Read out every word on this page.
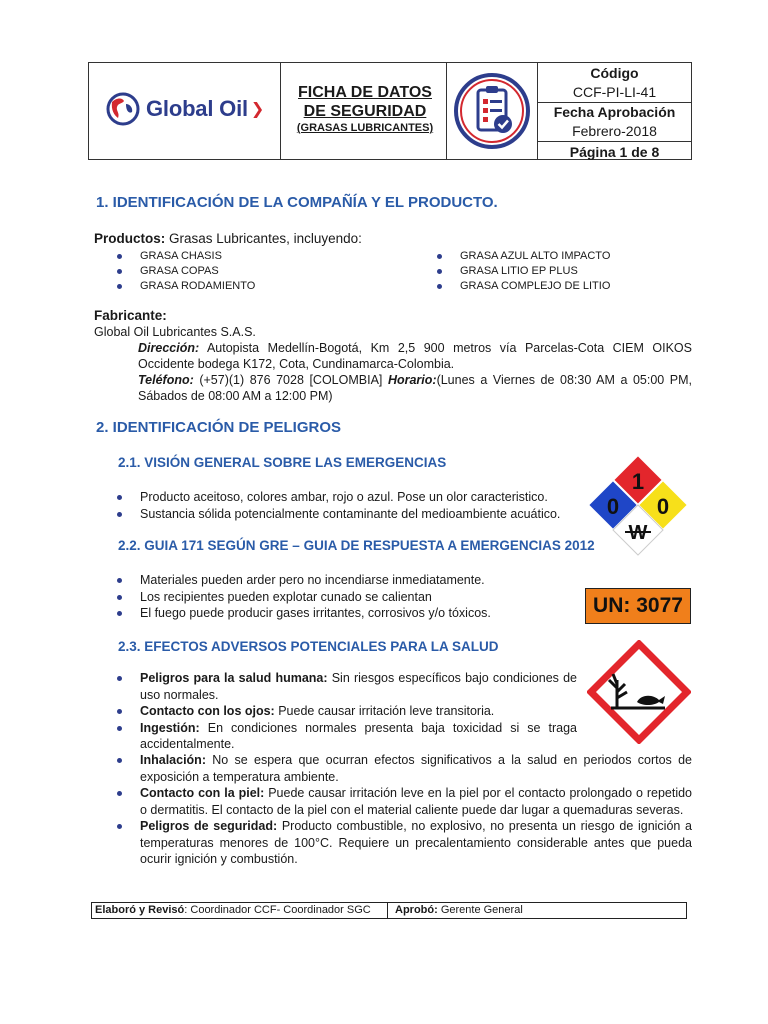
Global Oil ❯
FICHA DE DATOS
DE SEGURIDAD
(GRASAS LUBRICANTES)
Código
CCF-PI-LI-41
Fecha Aprobación
Febrero-2018
Página 1 de 8
1. IDENTIFICACIÓN DE LA COMPAÑÍA Y EL PRODUCTO.
Productos: Grasas Lubricantes, incluyendo:
GRASA CHASIS
GRASA COPAS
GRASA RODAMIENTO
GRASA AZUL ALTO IMPACTO
GRASA LITIO EP PLUS
GRASA COMPLEJO DE LITIO
Fabricante:
Global Oil Lubricantes S.A.S.
Dirección: Autopista Medellín-Bogotá, Km 2,5 900 metros vía Parcelas-Cota CIEM OIKOS Occidente bodega K172, Cota, Cundinamarca-Colombia.
Teléfono: (+57)(1) 876 7028 [COLOMBIA] Horario:(Lunes a Viernes de 08:30 AM a 05:00 PM, Sábados de 08:00 AM a 12:00 PM)
2. IDENTIFICACIÓN DE PELIGROS
2.1. VISIÓN GENERAL SOBRE LAS EMERGENCIAS
Producto aceitoso, colores ambar, rojo o azul. Pose un olor caracteristico.
Sustancia sólida potencialmente contaminante del medioambiente acuático.
1
0 0
W
2.2. GUIA 171 SEGÚN GRE – GUIA DE RESPUESTA A EMERGENCIAS 2012
Materiales pueden arder pero no incendiarse inmediatamente.
Los recipientes pueden explotar cunado se calientan
El fuego puede producir gases irritantes, corrosivos y/o tóxicos.	UN: 3077
2.3. EFECTOS ADVERSOS POTENCIALES PARA LA SALUD
Peligros para la salud humana: Sin riesgos específicos bajo condiciones de uso normales.
Contacto con los ojos: Puede causar irritación leve transitoria.
Ingestión: En condiciones normales presenta baja toxicidad si se traga accidentalmente.
Inhalación: No se espera que ocurran efectos significativos a la salud en periodos cortos de exposición a temperatura ambiente.
Contacto con la piel: Puede causar irritación leve en la piel por el contacto prolongado o repetido o dermatitis. El contacto de la piel con el material caliente puede dar lugar a quemaduras severas.
Peligros de seguridad: Producto combustible, no explosivo, no presenta un riesgo de ignición a temperaturas menores de 100°C. Requiere un precalentamiento considerable antes que pueda ocurir ignición y combustión.
Elaboró y Revisó: Coordinador CCF- Coordinador SGC Aprobó: Gerente General
